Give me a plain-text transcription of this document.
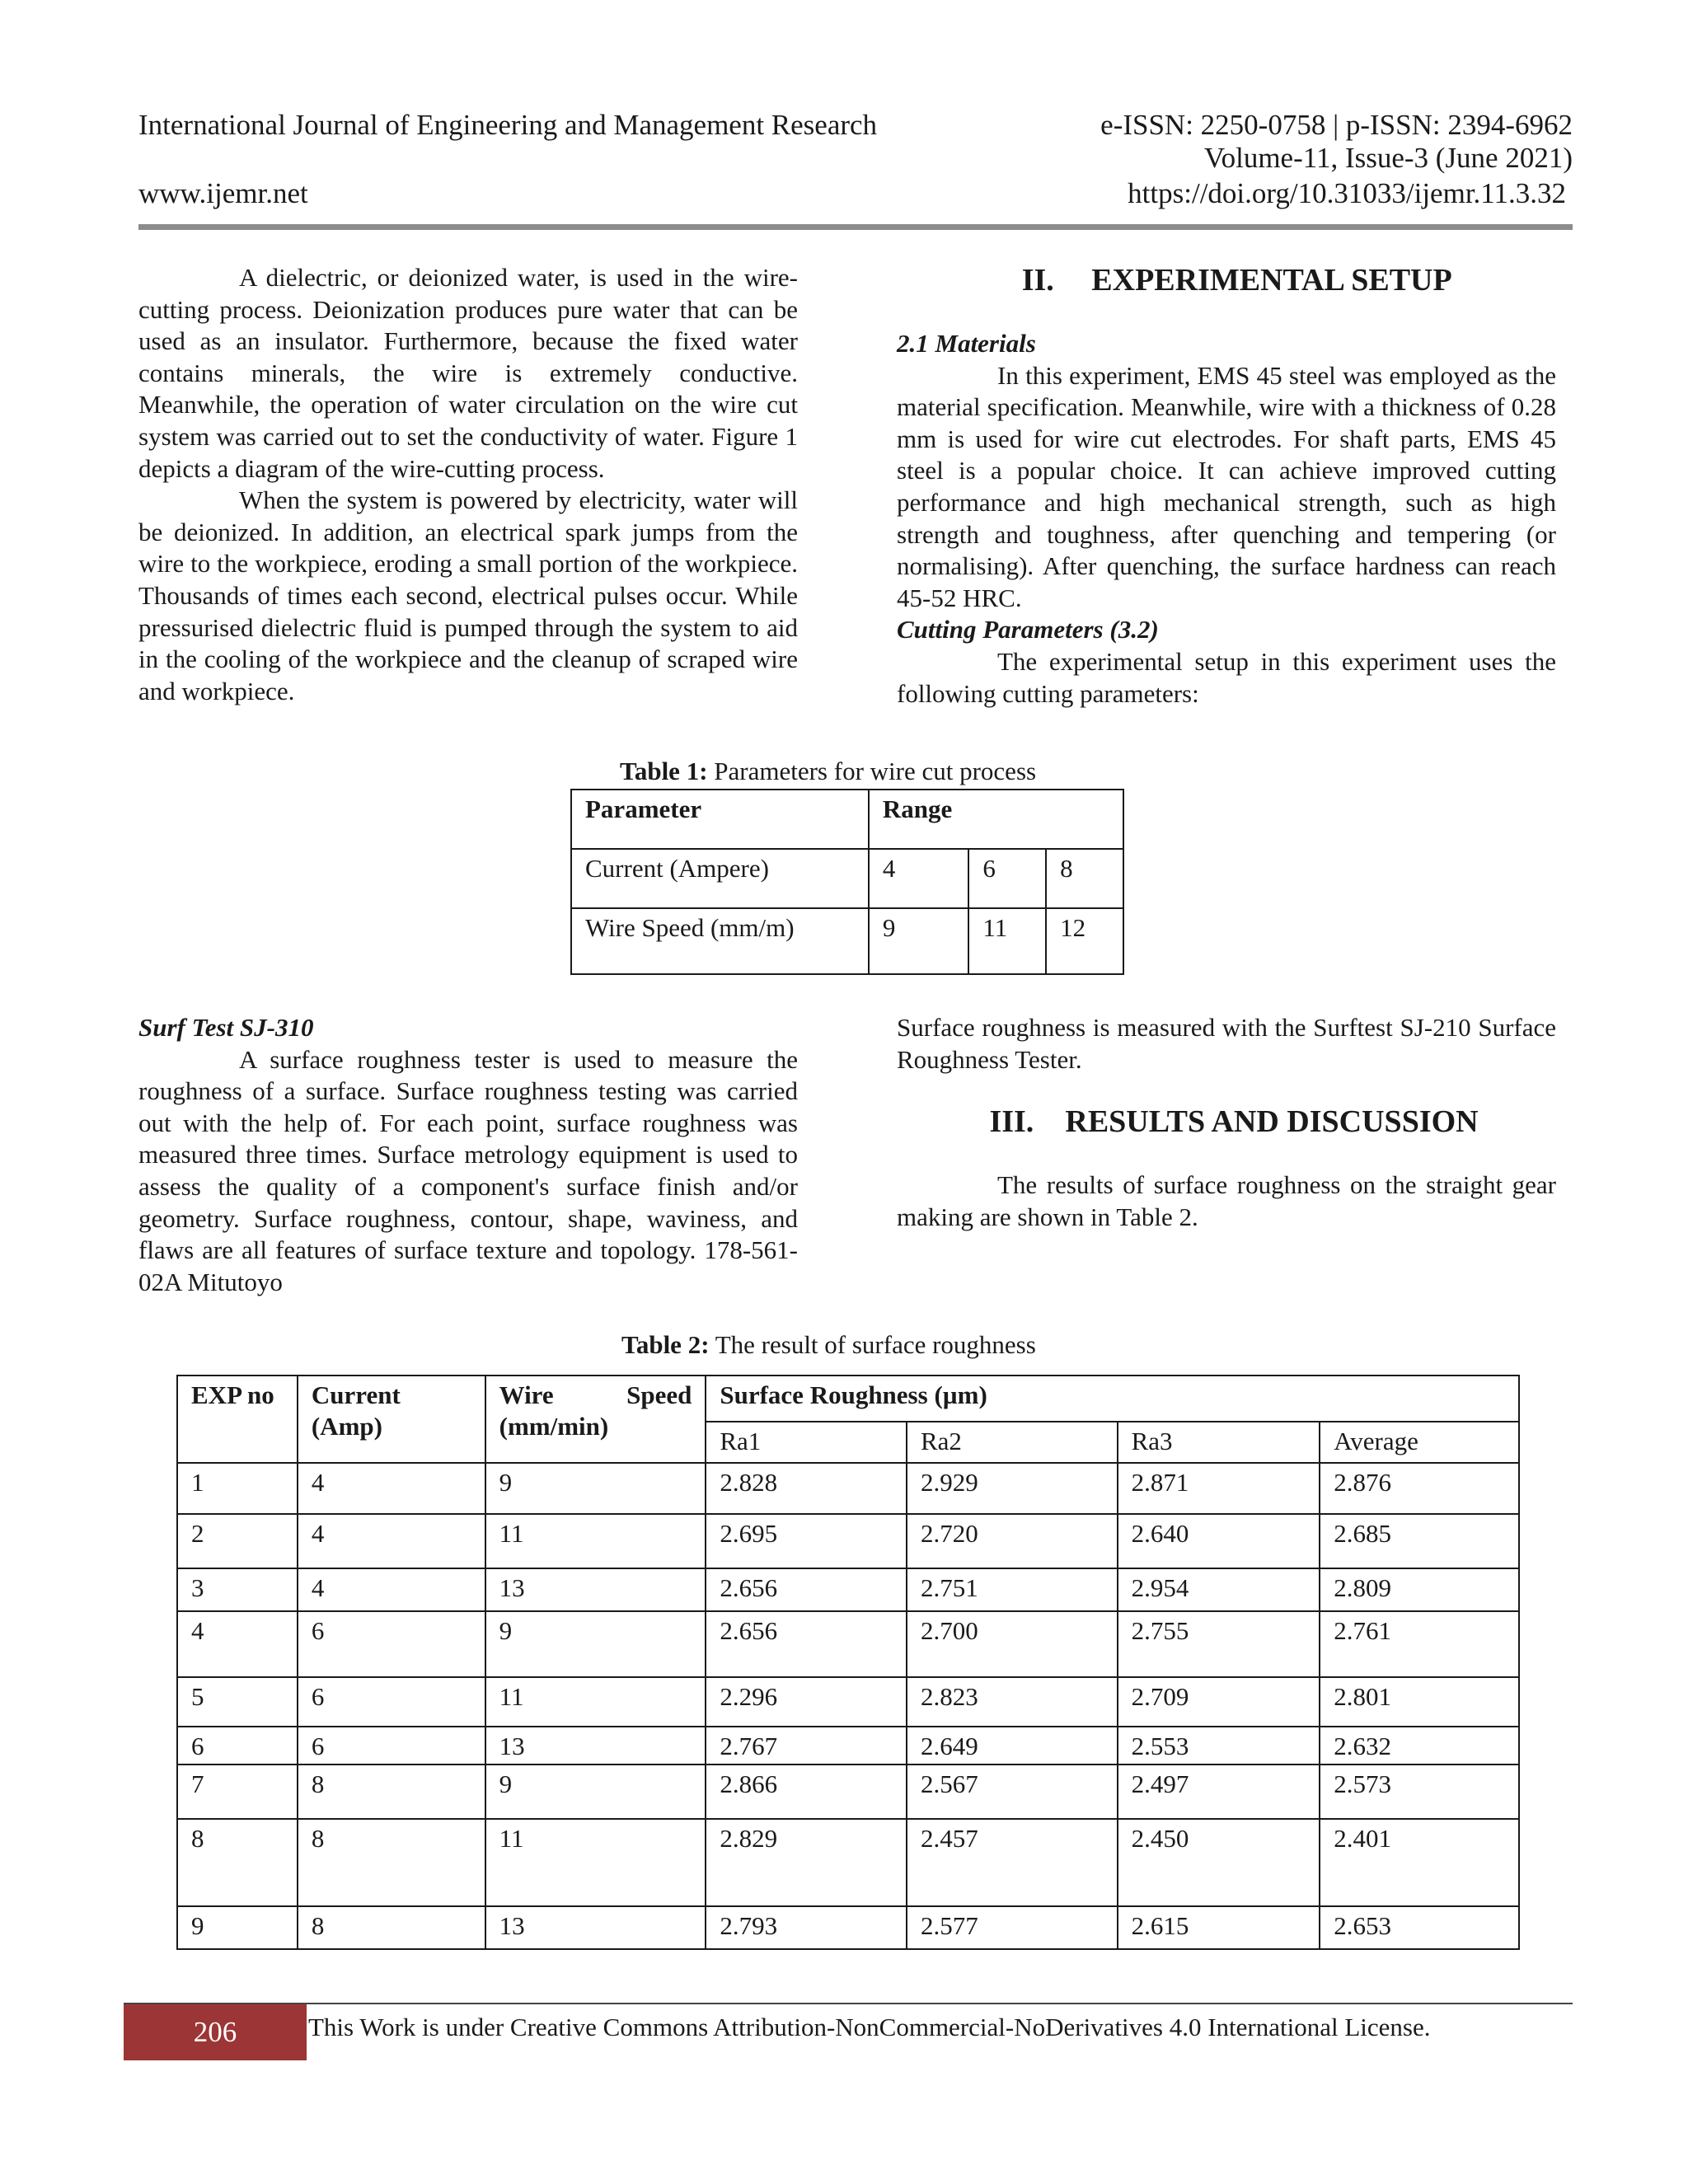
International Journal of Engineering and Management Research	e-ISSN: 2250-0758 | p-ISSN: 2394-6962
Volume-11, Issue-3 (June 2021)
www.ijemr.net	https://doi.org/10.31033/ijemr.11.3.32

A dielectric, or deionized water, is used in the wire-cutting process. Deionization produces pure water that can be used as an insulator. Furthermore, because the fixed water contains minerals, the wire is extremely conductive. Meanwhile, the operation of water circulation on the wire cut system was carried out to set the conductivity of water. Figure 1 depicts a diagram of the wire-cutting process.

When the system is powered by electricity, water will be deionized. In addition, an electrical spark jumps from the wire to the workpiece, eroding a small portion of the workpiece. Thousands of times each second, electrical pulses occur. While pressurised dielectric fluid is pumped through the system to aid in the cooling of the workpiece and the cleanup of scraped wire and workpiece.

II. EXPERIMENTAL SETUP

2.1 Materials

In this experiment, EMS 45 steel was employed as the material specification. Meanwhile, wire with a thickness of 0.28 mm is used for wire cut electrodes. For shaft parts, EMS 45 steel is a popular choice. It can achieve improved cutting performance and high mechanical strength, such as high strength and toughness, after quenching and tempering (or normalising). After quenching, the surface hardness can reach 45-52 HRC.

Cutting Parameters (3.2)

The experimental setup in this experiment uses the following cutting parameters:

Table 1: Parameters for wire cut process
Parameter	Range		
Current (Ampere)	4	6	8
Wire Speed (mm/m)	9	11	12

Surf Test SJ-310

A surface roughness tester is used to measure the roughness of a surface. Surface roughness testing was carried out with the help of. For each point, surface roughness was measured three times. Surface metrology equipment is used to assess the quality of a component's surface finish and/or geometry. Surface roughness, contour, shape, waviness, and flaws are all features of surface texture and topology. 178-561-02A Mitutoyo

Surface roughness is measured with the Surftest SJ-210 Surface Roughness Tester.

III. RESULTS AND DISCUSSION

The results of surface roughness on the straight gear making are shown in Table 2.

Table 2: The result of surface roughness
EXP no	Current (Amp)	Wire Speed (mm/min)	Surface Roughness (µm)			
			Ra1	Ra2	Ra3	Average
1	4	9	2.828	2.929	2.871	2.876
2	4	11	2.695	2.720	2.640	2.685
3	4	13	2.656	2.751	2.954	2.809
4	6	9	2.656	2.700	2.755	2.761
5	6	11	2.296	2.823	2.709	2.801
6	6	13	2.767	2.649	2.553	2.632
7	8	9	2.866	2.567	2.497	2.573
8	8	11	2.829	2.457	2.450	2.401
9	8	13	2.793	2.577	2.615	2.653
206	This Work is under Creative Commons Attribution-NonCommercial-NoDerivatives 4.0 International License.
